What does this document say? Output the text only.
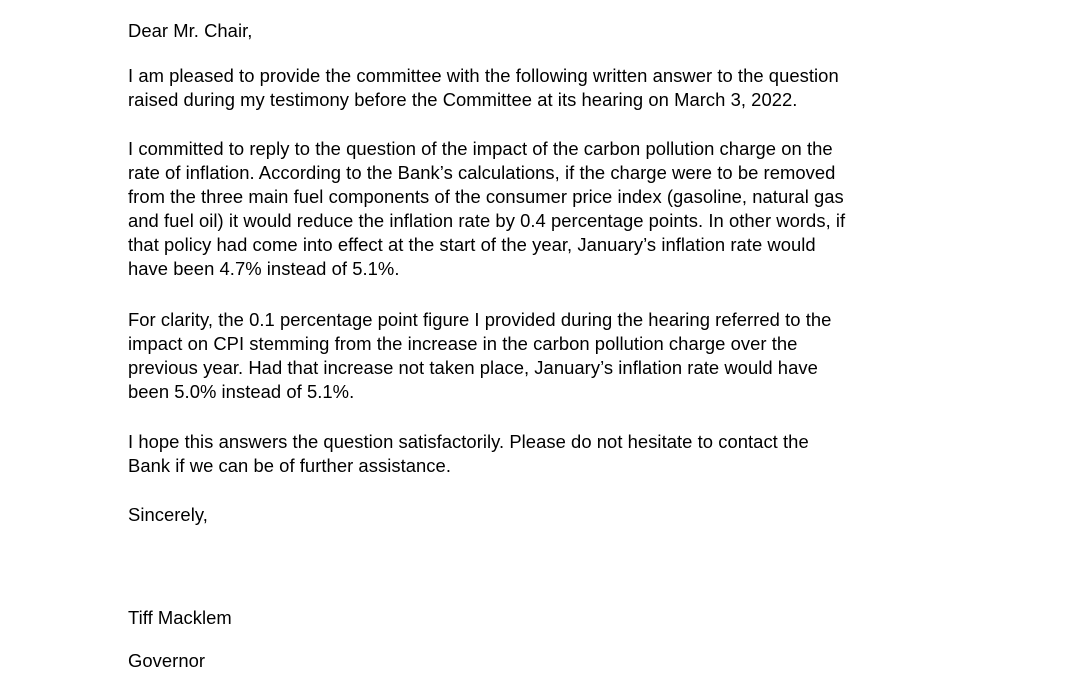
Dear Mr. Chair,
I am pleased to provide the committee with the following written answer to the question
raised during my testimony before the Committee at its hearing on March 3, 2022.
I committed to reply to the question of the impact of the carbon pollution charge on the
rate of inflation. According to the Bank’s calculations, if the charge were to be removed
from the three main fuel components of the consumer price index (gasoline, natural gas
and fuel oil) it would reduce the inflation rate by 0.4 percentage points. In other words, if
that policy had come into effect at the start of the year, January’s inflation rate would
have been 4.7% instead of 5.1%.
For clarity, the 0.1 percentage point figure I provided during the hearing referred to the
impact on CPI stemming from the increase in the carbon pollution charge over the
previous year. Had that increase not taken place, January’s inflation rate would have
been 5.0% instead of 5.1%.
I hope this answers the question satisfactorily. Please do not hesitate to contact the
Bank if we can be of further assistance.
Sincerely,
Tiff Macklem
Governor
